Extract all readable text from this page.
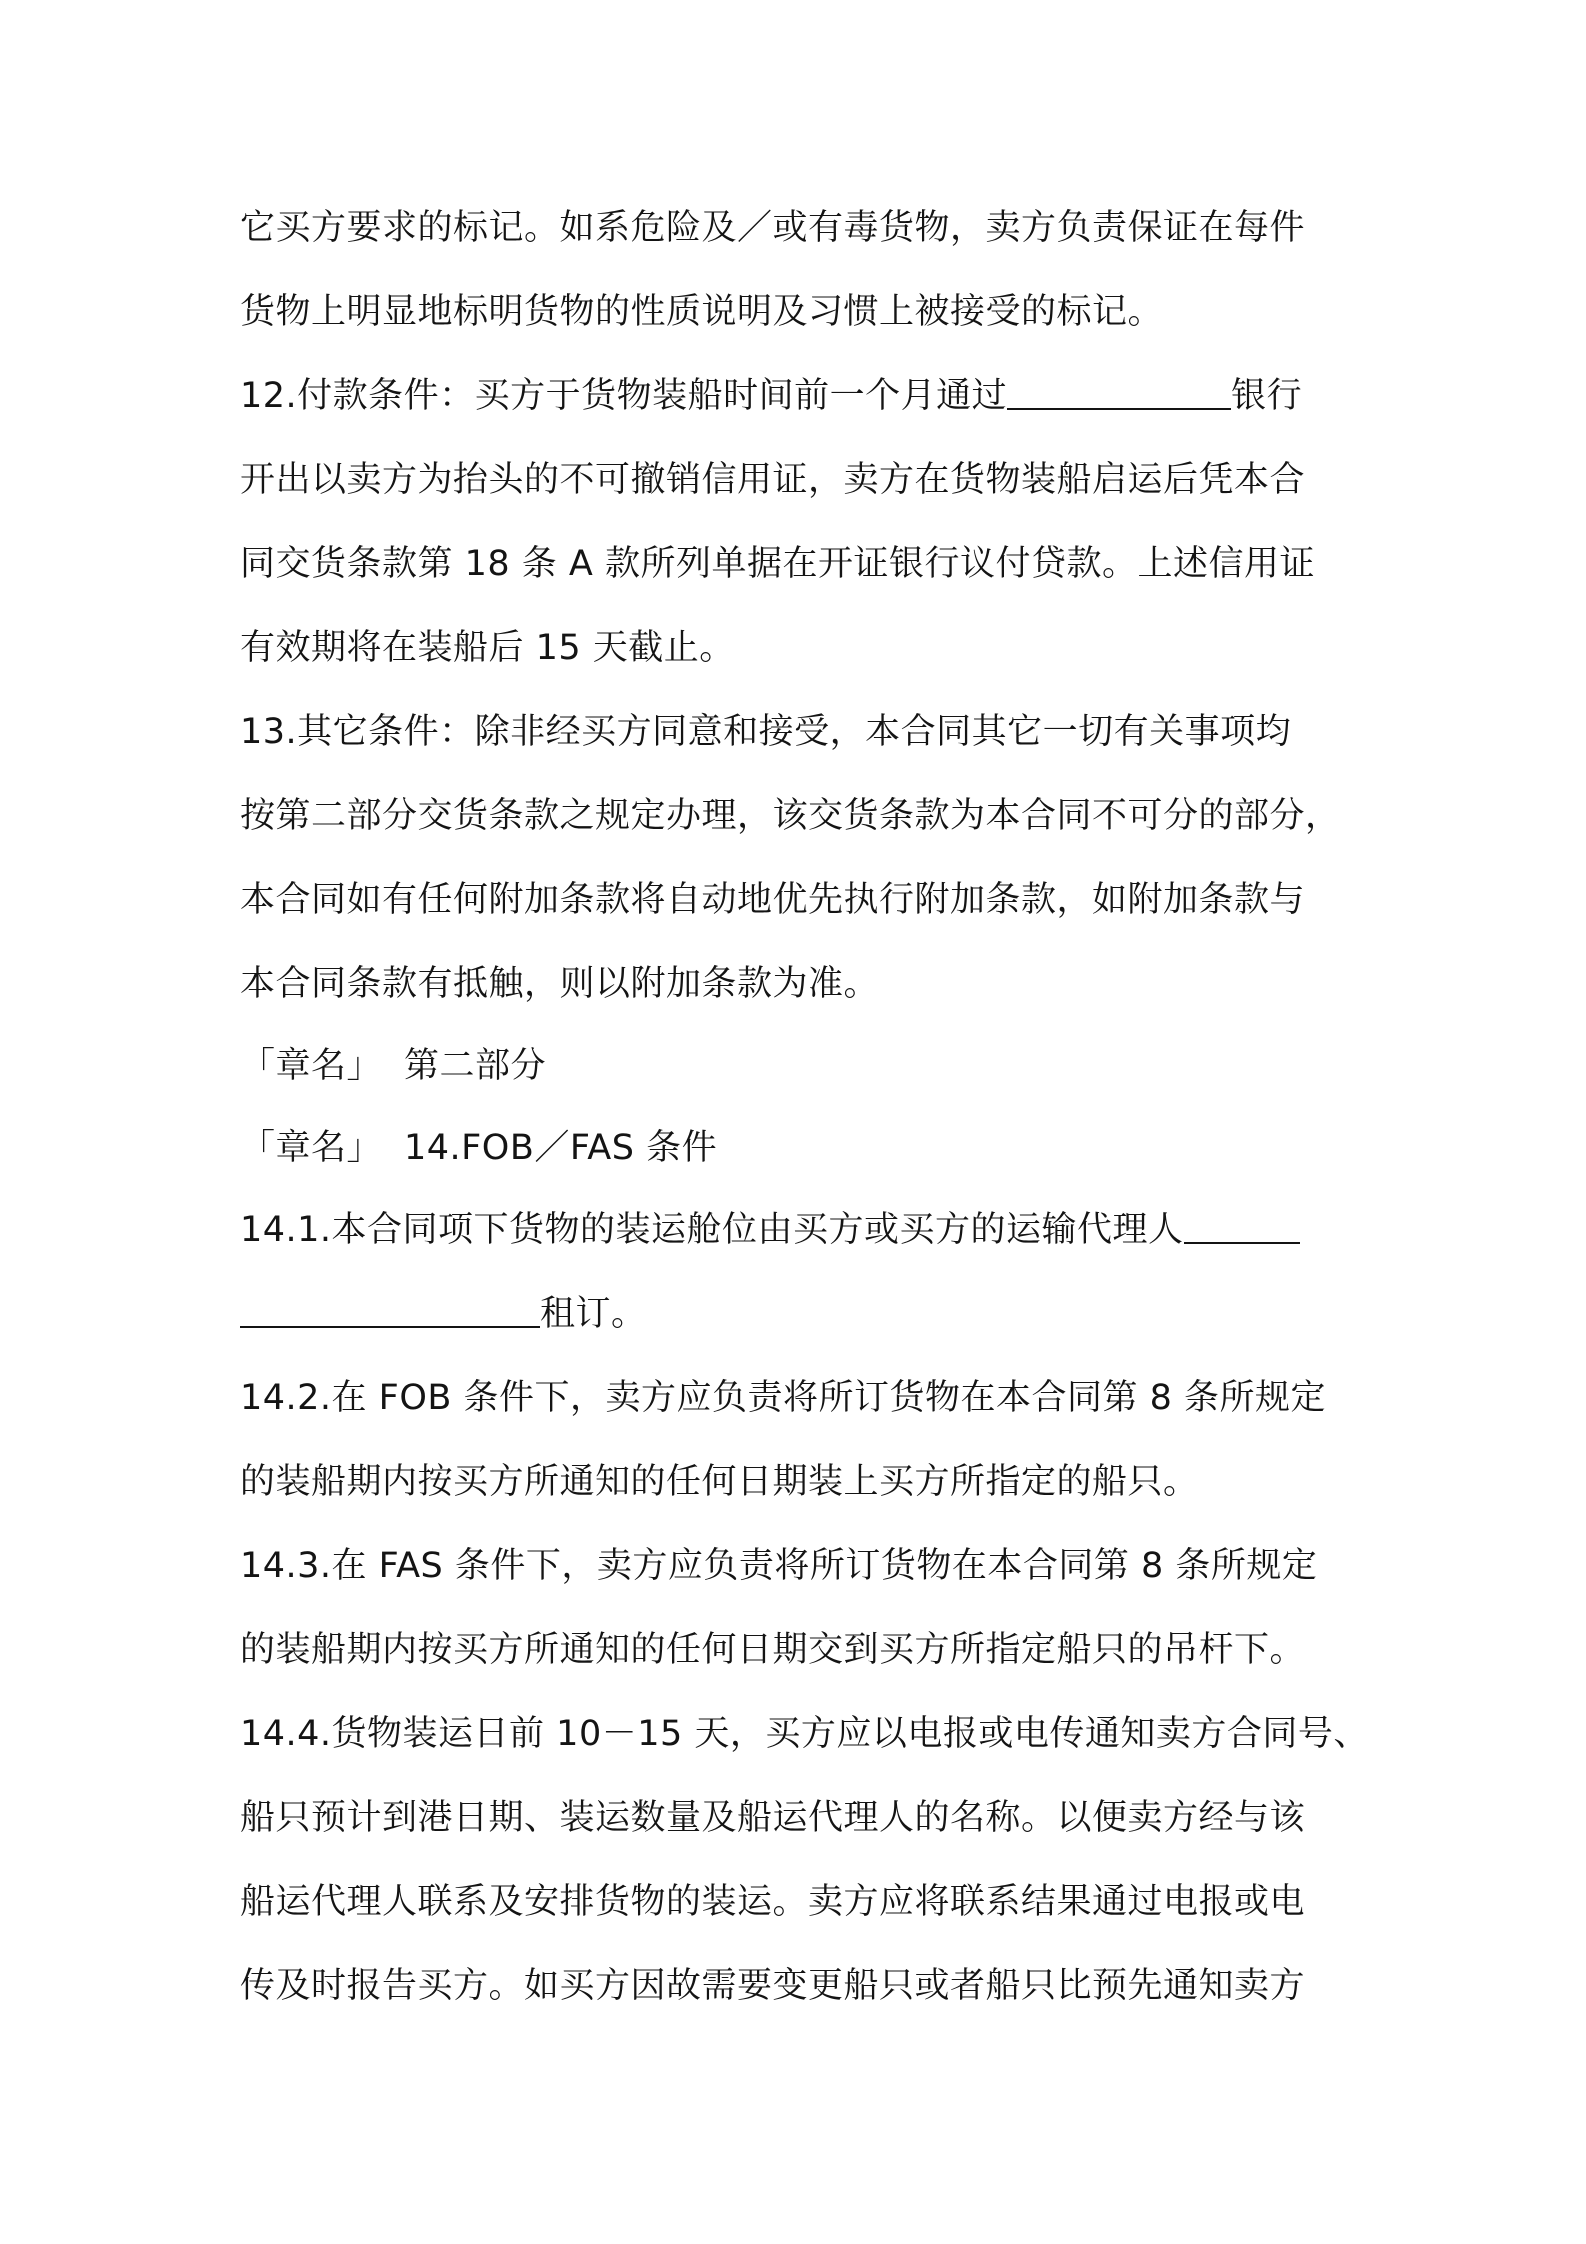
它买方要求的标记。如系危险及／或有毒货物，卖方负责保证在每件
货物上明显地标明货物的性质说明及习惯上被接受的标记。
12.付款条件：买方于货物装船时间前一个月通过	银行
开出以卖方为抬头的不可撤销信用证，卖方在货物装船启运后凭本合
同交货条款第 18 条 A 款所列单据在开证银行议付贷款。上述信用证
有效期将在装船后 15 天截止。
13.其它条件：除非经买方同意和接受，本合同其它一切有关事项均
按第二部分交货条款之规定办理，该交货条款为本合同不可分的部分，
本合同如有任何附加条款将自动地优先执行附加条款，如附加条款与
本合同条款有抵触，则以附加条款为准。
「章名」 第二部分
「章名」 14.FOB／FAS 条件
14.1.本合同项下货物的装运舱位由买方或买方的运输代理人
租订。
14.2.在 FOB 条件下，卖方应负责将所订货物在本合同第 8 条所规定
的装船期内按买方所通知的任何日期装上买方所指定的船只。
14.3.在 FAS 条件下，卖方应负责将所订货物在本合同第 8 条所规定
的装船期内按买方所通知的任何日期交到买方所指定船只的吊杆下。
14.4.货物装运日前 10－15 天，买方应以电报或电传通知卖方合同号、
船只预计到港日期、装运数量及船运代理人的名称。以便卖方经与该
船运代理人联系及安排货物的装运。卖方应将联系结果通过电报或电
传及时报告买方。如买方因故需要变更船只或者船只比预先通知卖方
